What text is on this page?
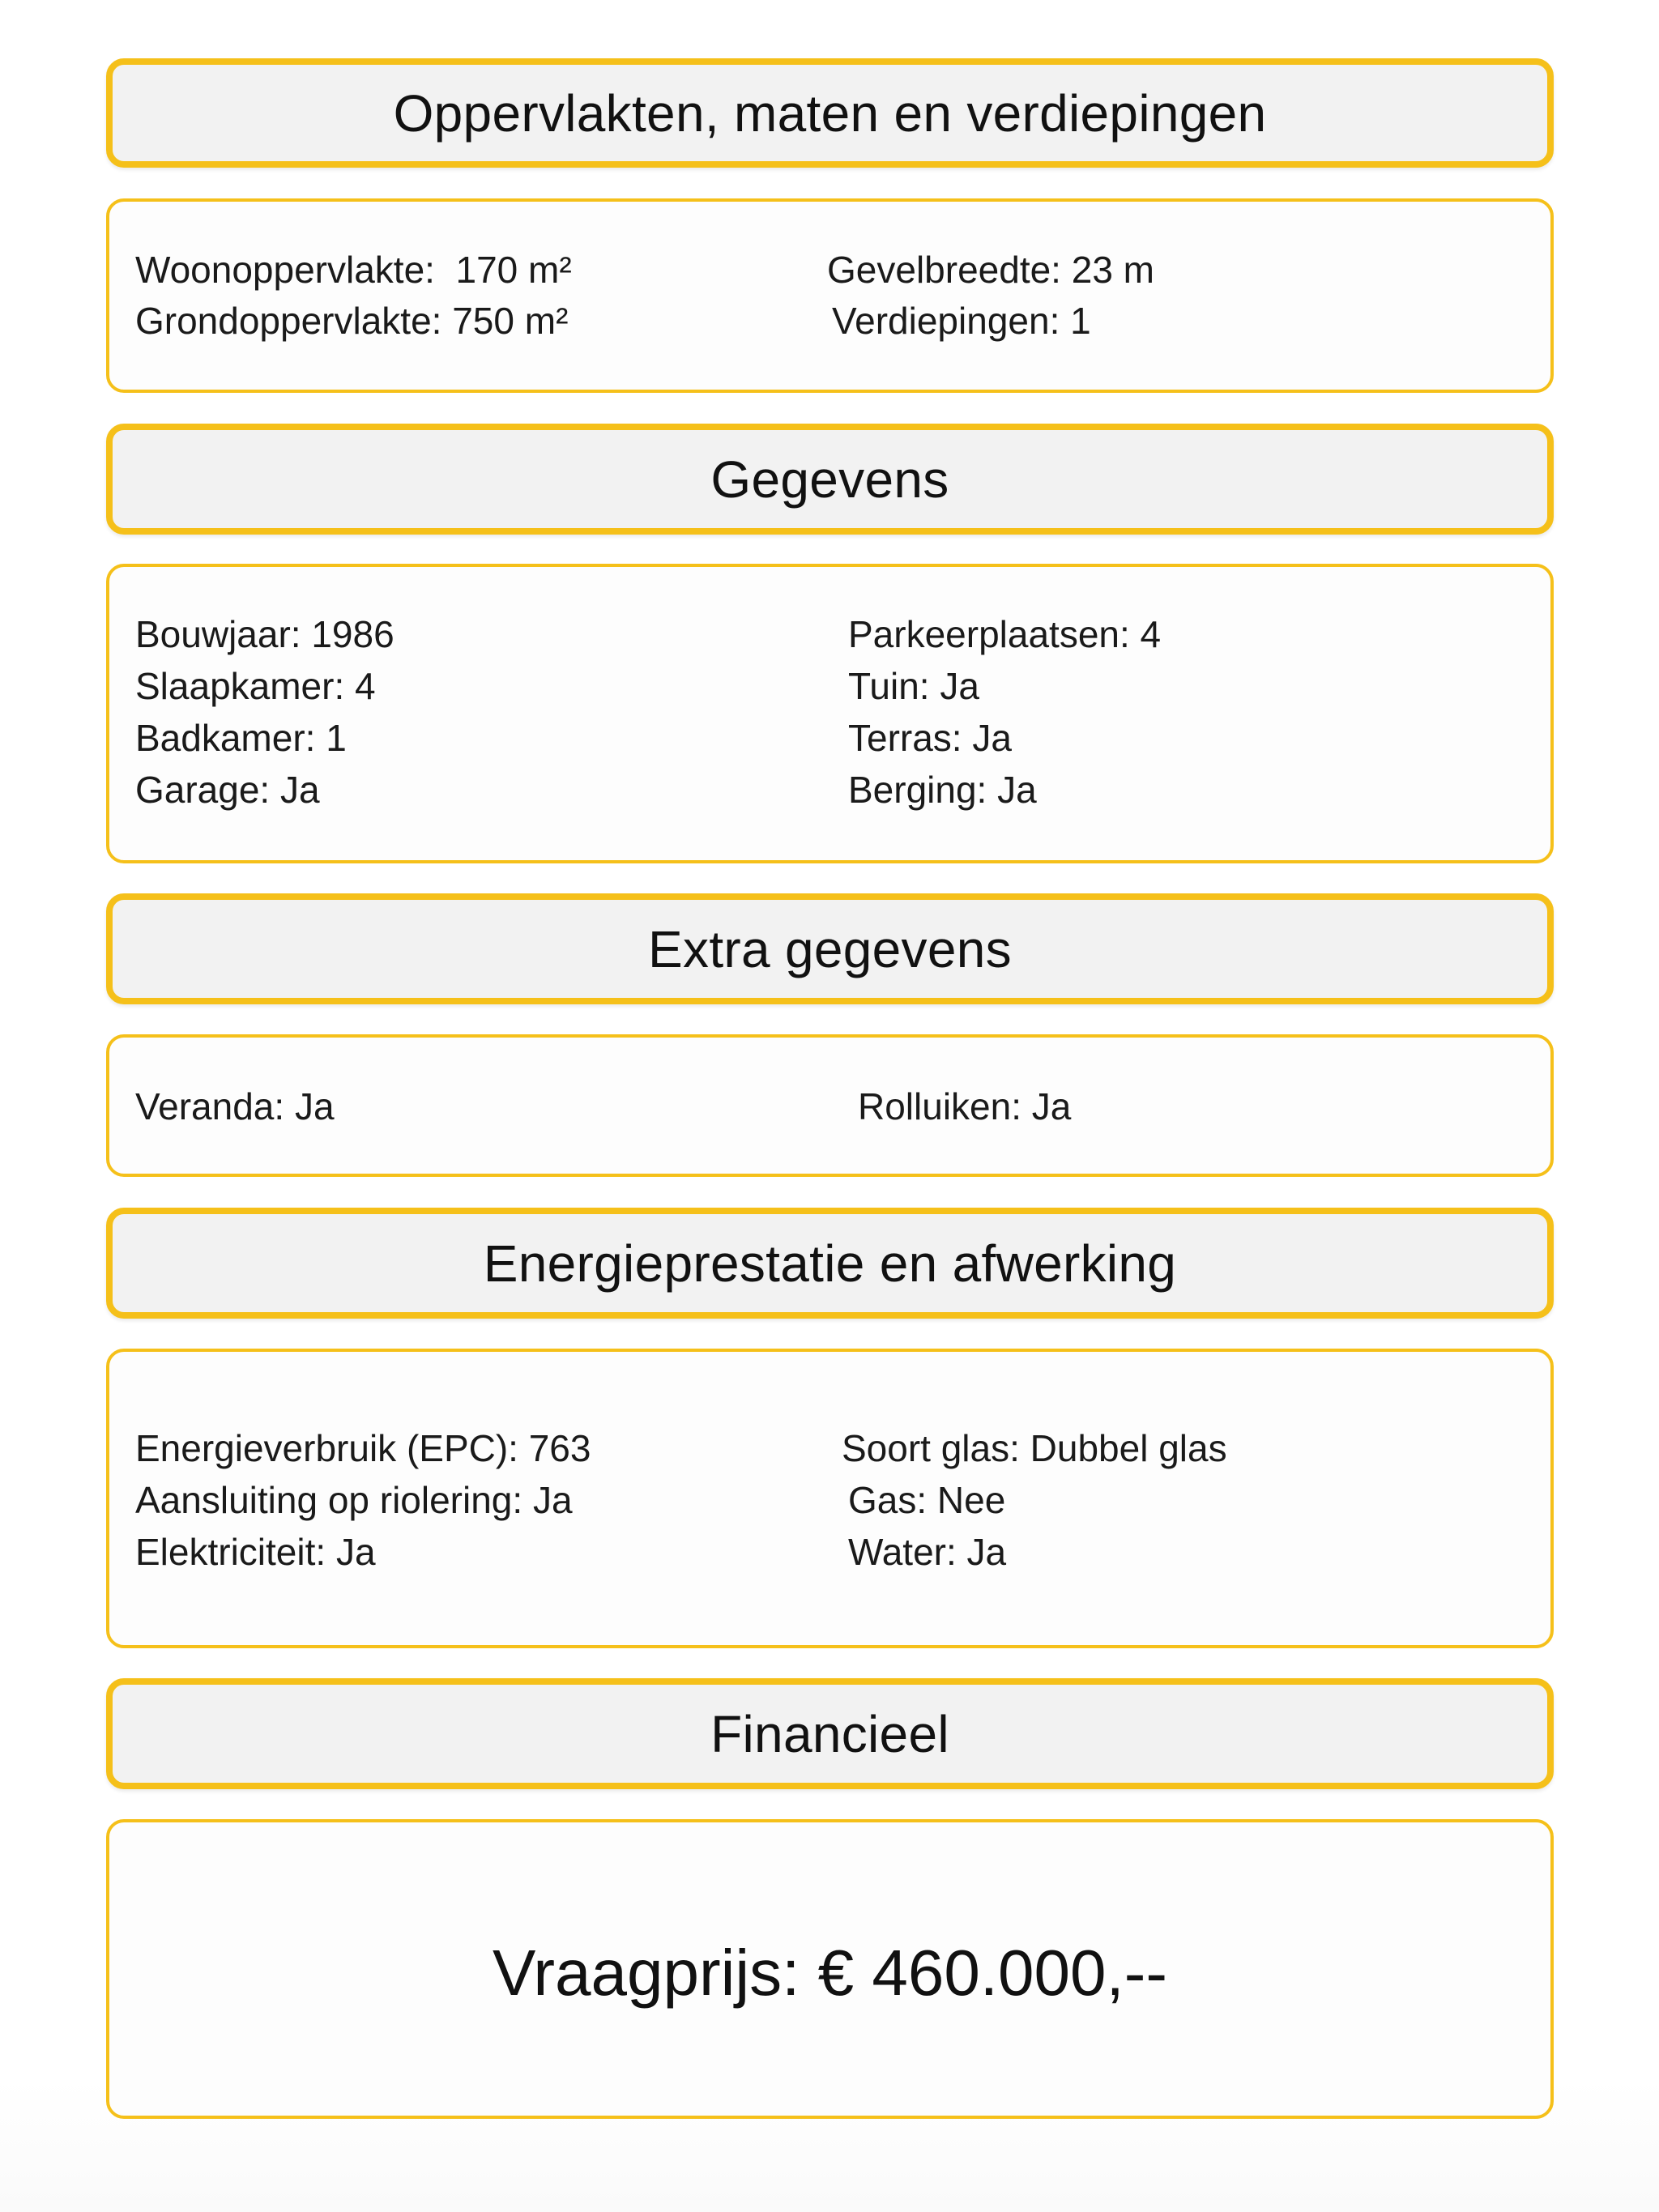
Oppervlakten, maten en verdiepingen
Woonoppervlakte:  170 m²
Grondoppervlakte: 750 m²
Gevelbreedte: 23 m
Verdiepingen: 1
Gegevens
Bouwjaar: 1986
Slaapkamer: 4
Badkamer: 1
Garage: Ja
Parkeerplaatsen: 4
Tuin: Ja
Terras: Ja
Berging: Ja
Extra gegevens
Veranda: Ja	Rolluiken: Ja
Energieprestatie en afwerking
Energieverbruik (EPC): 763
Aansluiting op riolering: Ja
Elektriciteit: Ja
Soort glas: Dubbel glas
Gas: Nee
Water: Ja
Financieel
Vraagprijs: € 460.000,--
